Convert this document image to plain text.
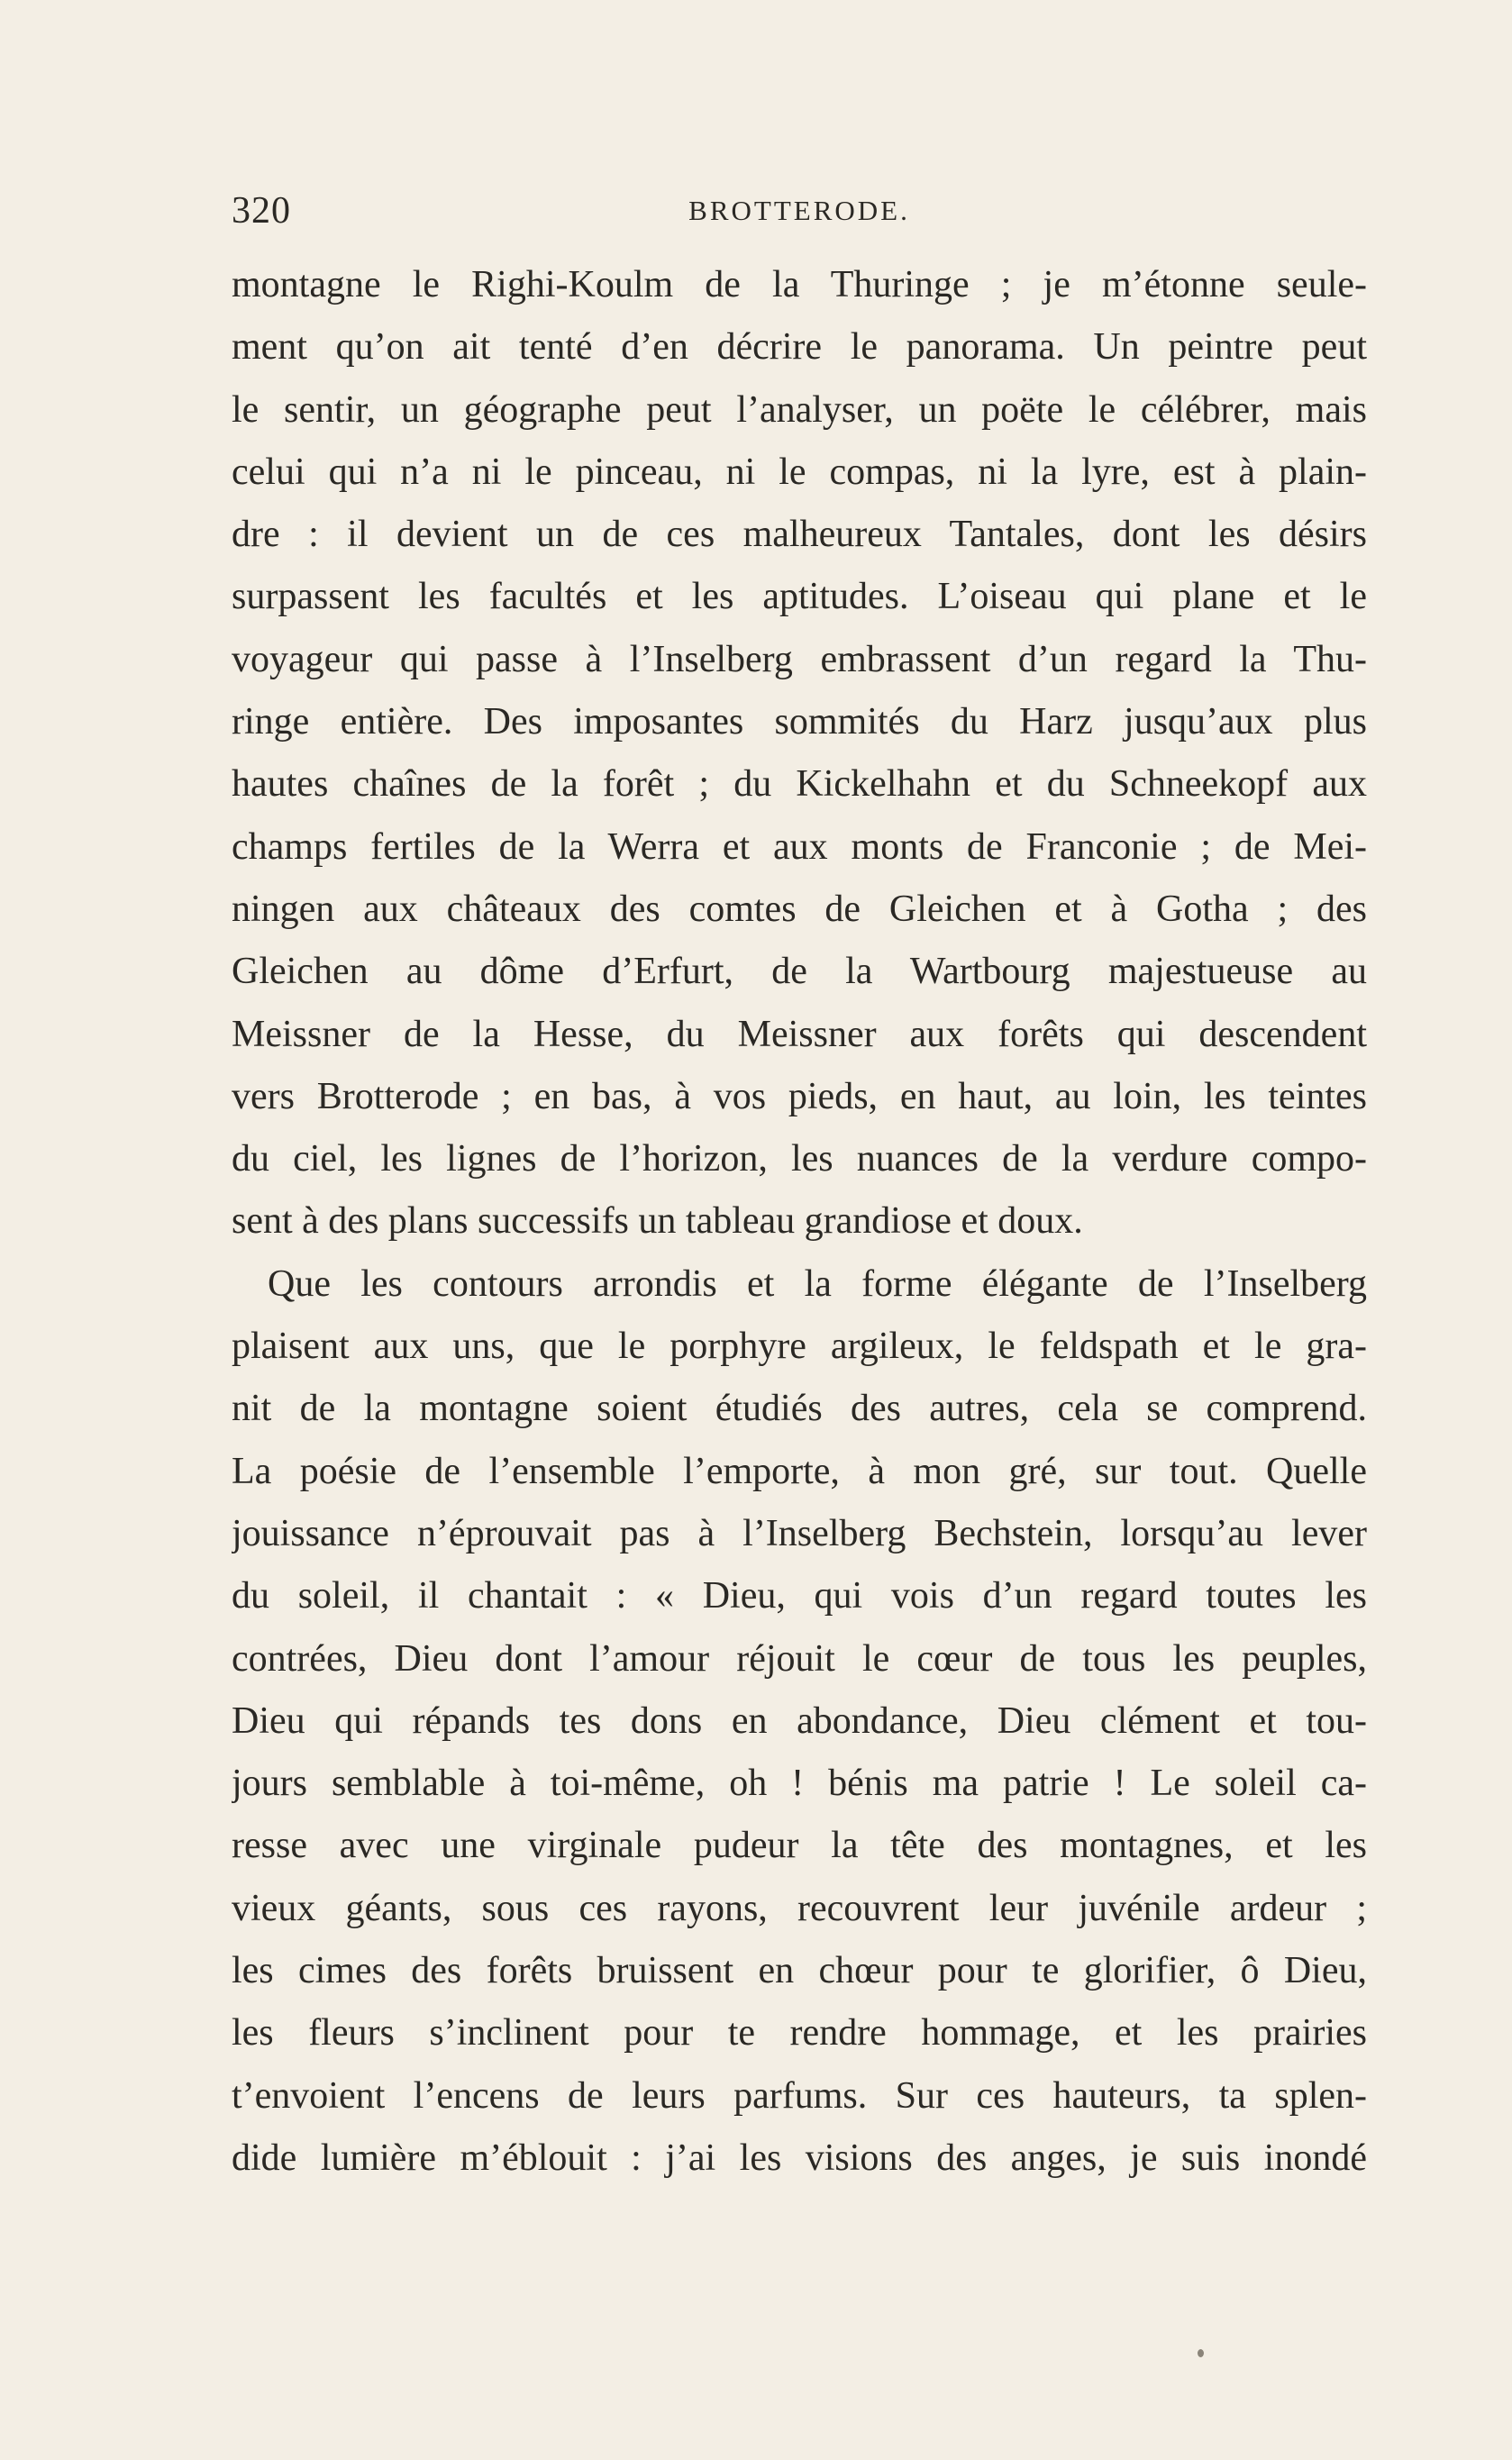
320	BROTTERODE.
montagne le Righi-Koulm de la Thuringe ; je m’étonne seule-
ment qu’on ait tenté d’en décrire le panorama. Un peintre peut
le sentir, un géographe peut l’analyser, un poëte le célébrer, mais
celui qui n’a ni le pinceau, ni le compas, ni la lyre, est à plain-
dre : il devient un de ces malheureux Tantales, dont les désirs
surpassent les facultés et les aptitudes. L’oiseau qui plane et le
voyageur qui passe à l’Inselberg embrassent d’un regard la Thu-
ringe entière. Des imposantes sommités du Harz jusqu’aux plus
hautes chaînes de la forêt ; du Kickelhahn et du Schneekopf aux
champs fertiles de la Werra et aux monts de Franconie ; de Mei-
ningen aux châteaux des comtes de Gleichen et à Gotha ; des
Gleichen au dôme d’Erfurt, de la Wartbourg majestueuse au
Meissner de la Hesse, du Meissner aux forêts qui descendent
vers Brotterode ; en bas, à vos pieds, en haut, au loin, les teintes
du ciel, les lignes de l’horizon, les nuances de la verdure compo-
sent à des plans successifs un tableau grandiose et doux.
Que les contours arrondis et la forme élégante de l’Inselberg
plaisent aux uns, que le porphyre argileux, le feldspath et le gra-
nit de la montagne soient étudiés des autres, cela se comprend.
La poésie de l’ensemble l’emporte, à mon gré, sur tout. Quelle
jouissance n’éprouvait pas à l’Inselberg Bechstein, lorsqu’au lever
du soleil, il chantait : « Dieu, qui vois d’un regard toutes les
contrées, Dieu dont l’amour réjouit le cœur de tous les peuples,
Dieu qui répands tes dons en abondance, Dieu clément et tou-
jours semblable à toi-même, oh ! bénis ma patrie ! Le soleil ca-
resse avec une virginale pudeur la tête des montagnes, et les
vieux géants, sous ces rayons, recouvrent leur juvénile ardeur ;
les cimes des forêts bruissent en chœur pour te glorifier, ô Dieu,
les fleurs s’inclinent pour te rendre hommage, et les prairies
t’envoient l’encens de leurs parfums. Sur ces hauteurs, ta splen-
dide lumière m’éblouit : j’ai les visions des anges, je suis inondé
